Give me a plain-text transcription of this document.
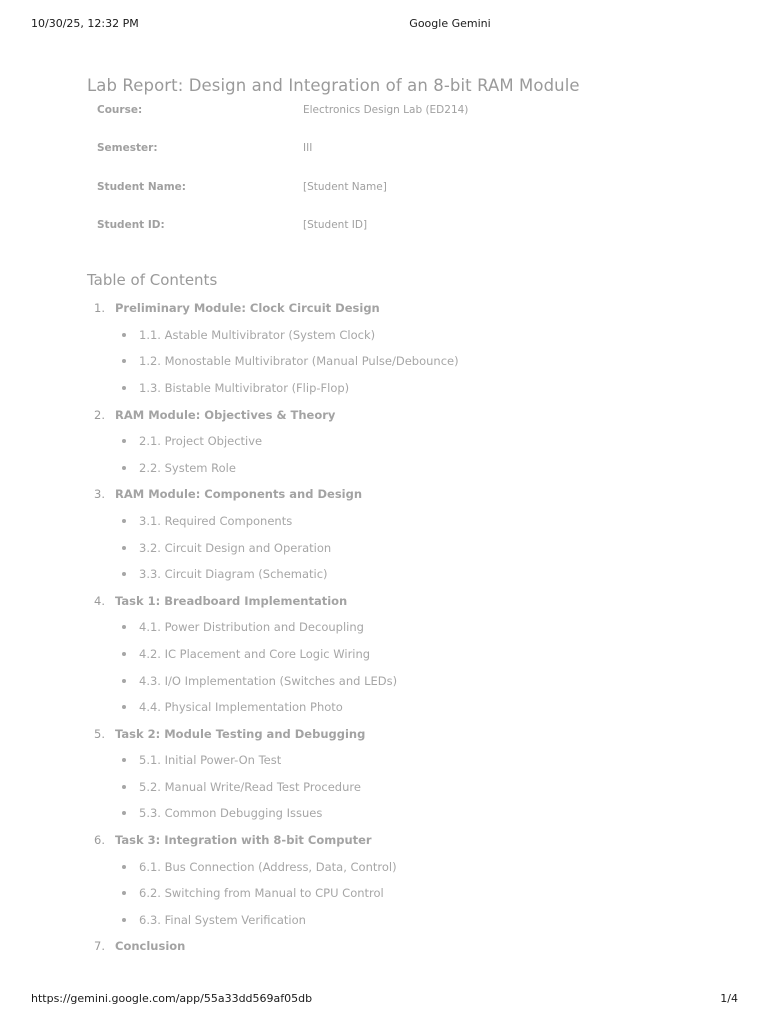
10/30/25, 12:32 PM	Google Gemini
Lab Report: Design and Integration of an 8-bit RAM Module
Course:	Electronics Design Lab (ED214)
Semester:	III
Student Name:	[Student Name]
Student ID:	[Student ID]
Table of Contents
1. Preliminary Module: Clock Circuit Design
1.1. Astable Multivibrator (System Clock)
1.2. Monostable Multivibrator (Manual Pulse/Debounce)
1.3. Bistable Multivibrator (Flip-Flop)
2. RAM Module: Objectives & Theory
2.1. Project Objective
2.2. System Role
3. RAM Module: Components and Design
3.1. Required Components
3.2. Circuit Design and Operation
3.3. Circuit Diagram (Schematic)
4. Task 1: Breadboard Implementation
4.1. Power Distribution and Decoupling
4.2. IC Placement and Core Logic Wiring
4.3. I/O Implementation (Switches and LEDs)
4.4. Physical Implementation Photo
5. Task 2: Module Testing and Debugging
5.1. Initial Power-On Test
5.2. Manual Write/Read Test Procedure
5.3. Common Debugging Issues
6. Task 3: Integration with 8-bit Computer
6.1. Bus Connection (Address, Data, Control)
6.2. Switching from Manual to CPU Control
6.3. Final System Verification
7. Conclusion
https://gemini.google.com/app/55a33dd569af05db	1/4
